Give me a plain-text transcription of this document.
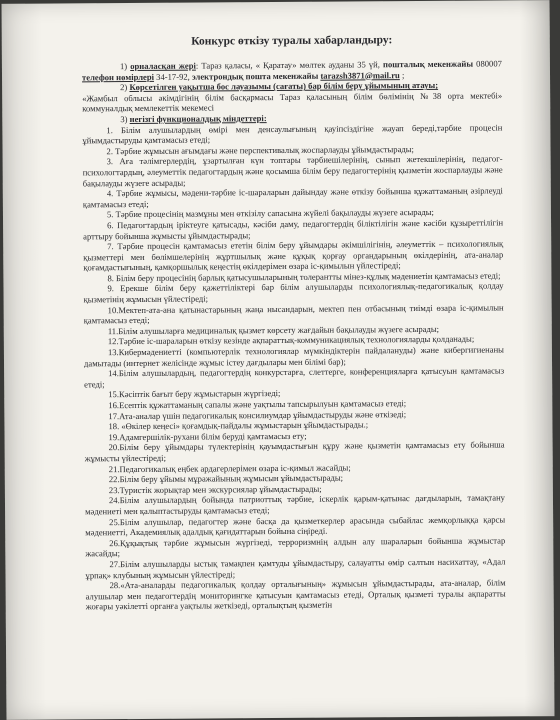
Конкурс өткізу туралы хабарландыру:

1) орналасқан жері: Тараз қаласы, « Қаратау» мөлтек ауданы 35 үй, пошталық мекенжайы 080007 телефон нөмірлері 34-17-92, электрондық пошта мекенжайы tarazsh3871@mail.ru ;

2) Көрсетілген уақытша бос лауазымы (сағаты) бар білім беру ұйымының атауы;

«Жамбыл облысы әкімдігінің білім басқармасы Тараз қаласының білім бөлімінің №38 орта мектебі» коммуналдық мемлекеттік мекемесі

3) негізгі функционалдық міндеттері:

1. Білім алушылардың өмірі мен денсаулығының қауіпсіздігіне жауап береді,тәрбие процесін ұйымдастыруды қамтамасыз етеді;

2. Тәрбие жұмысын ағымдағы және перспективалық жоспарлауды ұйымдастырады;

3. Аға тәлімгерлердің, ұзартылған күн топтары тәрбиешілерінің, сынып жетекшілерінің, педагог-психологтардың, әлеуметтік педагогтардың және қосымша білім беру педагогтерінің қызметін жоспарлауды және бақылауды жүзеге асырады;

4. Тәрбие жұмысы, мәдени-тәрбие іс-шараларын дайындау және өткізу бойынша құжаттаманың әзірлеуді қамтамасыз етеді;

5. Тәрбие процесінің мазмұны мен өткізілу сапасына жүйелі бақылауды жүзеге асырады;

6. Педагогтардың іріктеуге қатысады, кәсіби даму, педагогтердің біліктілігін және кәсіби құзыреттілігін арттыру бойынша жұмысты ұйымдастырады;

7. Тәрбие процесін қамтамасыз ететін білім беру ұйымдары әкімшілігінің, әлеуметтік – психологиялық қызметтері мен бөлімшелерінің жұртшылық және құқық қорғау органдарының өкілдерінің, ата-аналар қоғамдастығының, қамқоршылық кеңестің өкілдерімен өзара іс-қимылын үйлестіреді;

8. Білім беру процесінің барлық қатысушыларының толерантты мінез-құлық мәдениетін қамтамасыз етеді;

9. Ерекше білім беру қажеттіліктері бар білім алушыларды психологиялық-педагогикалық қолдау қызметінің жұмысын үйлестіреді;

10.Мектеп-ата-ана қатынастарының жаңа нысандарын, мектеп пен отбасының тиімді өзара іс-қимылын қамтамасыз етеді;

11.Білім алушыларға медициналық қызмет көрсету жағдайын бақылауды жүзеге асырады;

12.Тәрбие іс-шараларын өткізу кезінде ақпараттық-коммуникациялық технологияларды қолданады;

13.Кибермәдениетті (компьютерлік технологиялар мүмкіндіктерін пайдалануды) және кибергигиенаны дамытады (интернет желісінде жұмыс істеу дағдылары мен білімі бар);

14.Білім алушылардың, педагогтердің конкурстарға, слеттерге, конференцияларға қатысуын қамтамасыз етеді;

15.Кәсіптік бағыт беру жұмыстарын жүргізеді;

16.Есептік құжаттаманың сапалы және уақтылы тапсырылуын қамтамасыз етеді;

17.Ата-аналар үшін педагогикалық консилиумдар ұйымдастыруды және өткізеді;

18. «Өкілер кеңесі» қоғамдық-пайдалы жұмыстарын ұйымдастырады.;

19.Адамгершілік-рухани білім беруді қамтамасыз ету;

20.Білім беру ұйымдары түлектерінің қауымдастығын құру және қызметін қамтамасыз ету бойынша жұмысты үйлестіреді;

21.Педагогикалық еңбек ардагерлерімен өзара іс-қимыл жасайды;

22.Білім беру ұйымы мұражайының жұмысын ұйымдастырады;

23.Туристік жорықтар мен экскурсиялар ұйымдастырады;

24.Білім алушылардың бойында патриоттық тәрбие, іскерлік қарым-қатынас дағдыларын, тамақтану мәдениеті мен қалыптастыруды қамтамасыз етеді;

25.Білім алушылар, педагогтер және басқа да қызметкерлер арасында сыбайлас жемқорлыққа қарсы мәдениетті, Академиялық адалдық қағидаттарын бойына сіңіреді.

26.Құқықтық тәрбие жұмысын жүргізеді, терроризмнің алдын алу шараларын бойынша жұмыстар жасайды;

27.Білім алушыларды ыстық тамақпен қамтуды ұйымдастыру, салауатты өмір салтын насихаттау, «Адал ұрпақ» клубының жұмысын үйлестіреді;

28.«Ата-аналарды педагогикалық қолдау орталығының» жұмысын ұйымдастырады, ата-аналар, білім алушылар мен педагогтердің мониторингке қатысуын қамтамасыз етеді, Орталық қызметі туралы ақпаратты жоғары уәкілетті органға уақтылы жеткізеді, орталықтың қызметін
